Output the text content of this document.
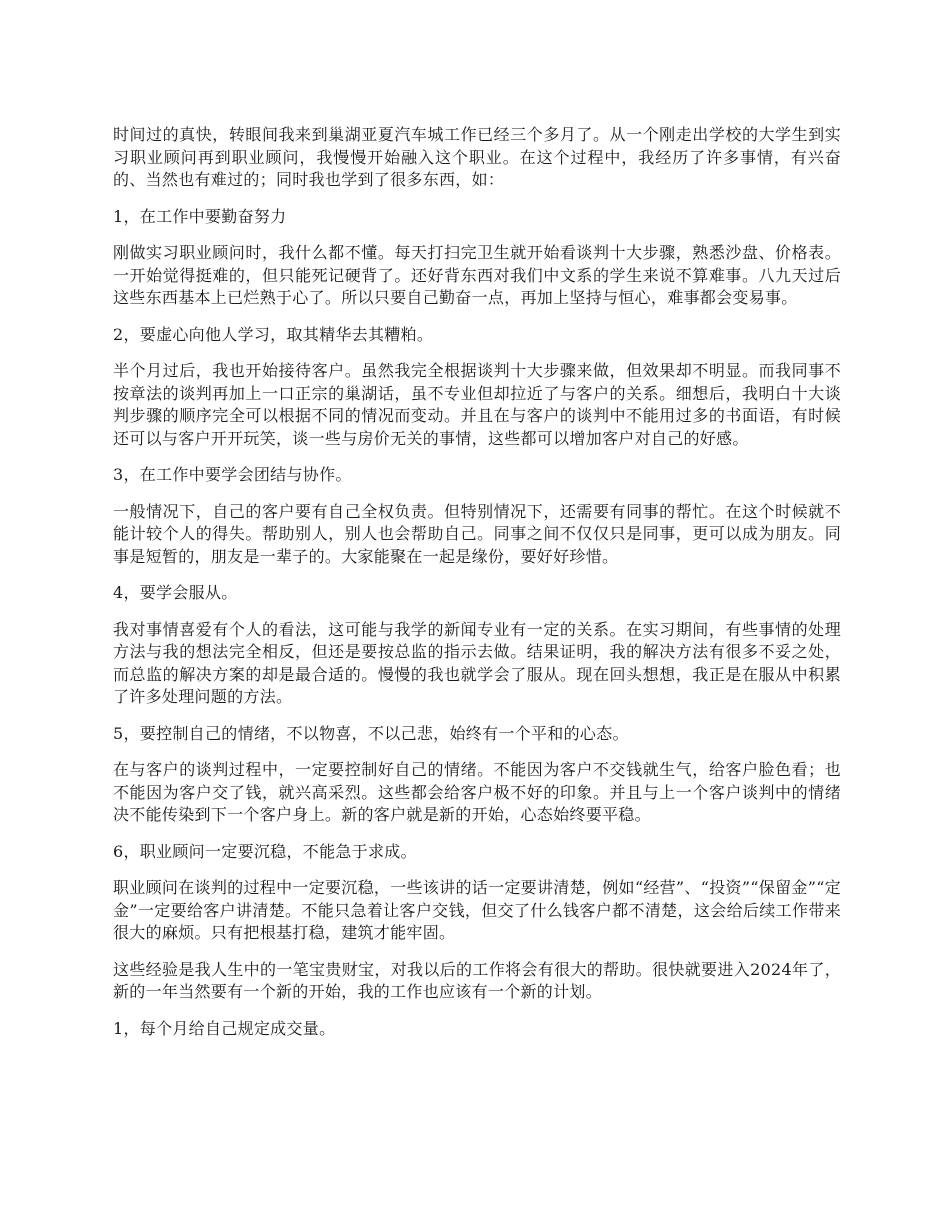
时间过的真快，转眼间我来到巢湖亚夏汽车城工作已经三个多月了。从一个刚走出学校的大学生到实习职业顾问再到职业顾问，我慢慢开始融入这个职业。在这个过程中，我经历了许多事情，有兴奋的、当然也有难过的；同时我也学到了很多东西，如：

1，在工作中要勤奋努力

刚做实习职业顾问时，我什么都不懂。每天打扫完卫生就开始看谈判十大步骤，熟悉沙盘、价格表。一开始觉得挺难的，但只能死记硬背了。还好背东西对我们中文系的学生来说不算难事。八九天过后这些东西基本上已烂熟于心了。所以只要自己勤奋一点，再加上坚持与恒心，难事都会变易事。

2，要虚心向他人学习，取其精华去其糟粕。

半个月过后，我也开始接待客户。虽然我完全根据谈判十大步骤来做，但效果却不明显。而我同事不按章法的谈判再加上一口正宗的巢湖话，虽不专业但却拉近了与客户的关系。细想后，我明白十大谈判步骤的顺序完全可以根据不同的情况而变动。并且在与客户的谈判中不能用过多的书面语，有时候还可以与客户开开玩笑，谈一些与房价无关的事情，这些都可以增加客户对自己的好感。

3，在工作中要学会团结与协作。

一般情况下，自己的客户要有自己全权负责。但特别情况下，还需要有同事的帮忙。在这个时候就不能计较个人的得失。帮助别人，别人也会帮助自己。同事之间不仅仅只是同事，更可以成为朋友。同事是短暂的，朋友是一辈子的。大家能聚在一起是缘份，要好好珍惜。

4，要学会服从。

我对事情喜爱有个人的看法，这可能与我学的新闻专业有一定的关系。在实习期间，有些事情的处理方法与我的想法完全相反，但还是要按总监的指示去做。结果证明，我的解决方法有很多不妥之处，而总监的解决方案的却是最合适的。慢慢的我也就学会了服从。现在回头想想，我正是在服从中积累了许多处理问题的方法。

5，要控制自己的情绪，不以物喜，不以己悲，始终有一个平和的心态。

在与客户的谈判过程中，一定要控制好自己的情绪。不能因为客户不交钱就生气，给客户脸色看；也不能因为客户交了钱，就兴高采烈。这些都会给客户极不好的印象。并且与上一个客户谈判中的情绪决不能传染到下一个客户身上。新的客户就是新的开始，心态始终要平稳。

6，职业顾问一定要沉稳，不能急于求成。

职业顾问在谈判的过程中一定要沉稳，一些该讲的话一定要讲清楚，例如“经营”、“投资”“保留金”“定金”一定要给客户讲清楚。不能只急着让客户交钱，但交了什么钱客户都不清楚，这会给后续工作带来很大的麻烦。只有把根基打稳，建筑才能牢固。

这些经验是我人生中的一笔宝贵财宝，对我以后的工作将会有很大的帮助。很快就要进入2024年了，新的一年当然要有一个新的开始，我的工作也应该有一个新的计划。

1，每个月给自己规定成交量。
